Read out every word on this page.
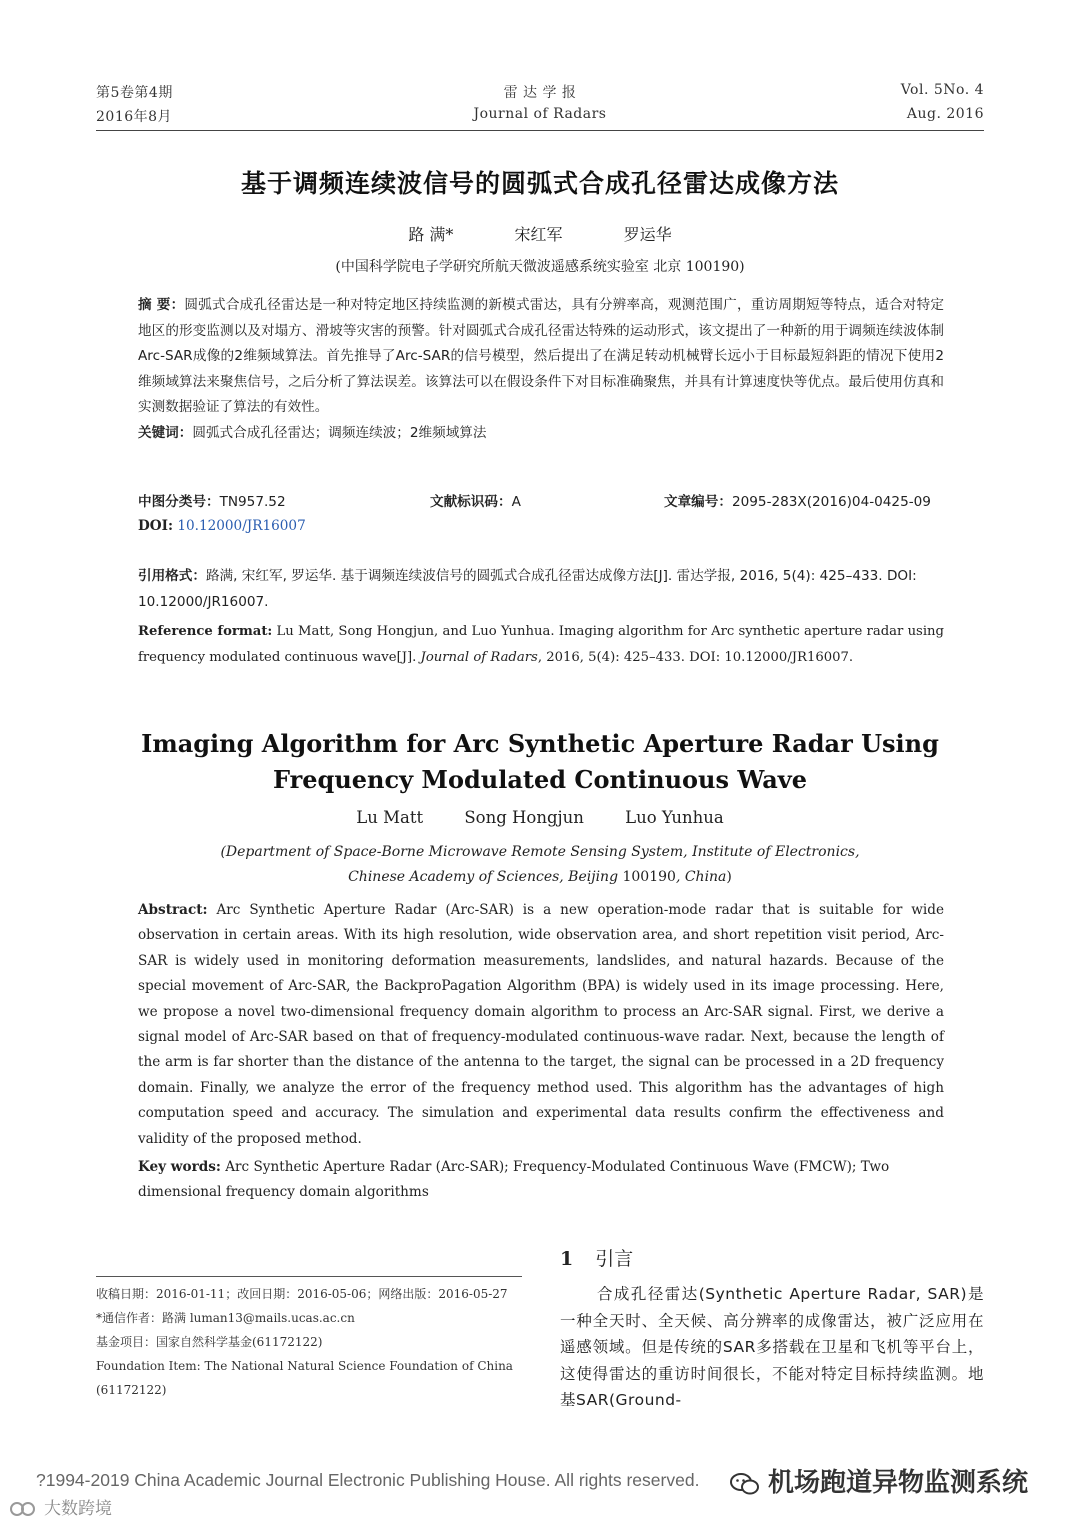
第5卷第4期
2016年8月
雷 达 学 报
Journal of Radars
Vol. 5No. 4
Aug. 2016
基于调频连续波信号的圆弧式合成孔径雷达成像方法
路 满*	宋红军	罗运华
(中国科学院电子学研究所航天微波遥感系统实验室 北京 100190)
摘 要：圆弧式合成孔径雷达是一种对特定地区持续监测的新模式雷达，具有分辨率高，观测范围广，重访周期短等特点，适合对特定地区的形变监测以及对塌方、滑坡等灾害的预警。针对圆弧式合成孔径雷达特殊的运动形式，该文提出了一种新的用于调频连续波体制Arc-SAR成像的2维频域算法。首先推导了Arc-SAR的信号模型，然后提出了在满足转动机械臂长远小于目标最短斜距的情况下使用2维频域算法来聚焦信号，之后分析了算法误差。该算法可以在假设条件下对目标准确聚焦，并具有计算速度快等优点。最后使用仿真和实测数据验证了算法的有效性。
关键词：圆弧式合成孔径雷达；调频连续波；2维频域算法
中图分类号：TN957.52	文献标识码：A	文章编号：2095-283X(2016)04-0425-09
DOI: 10.12000/JR16007
引用格式：路满, 宋红军, 罗运华. 基于调频连续波信号的圆弧式合成孔径雷达成像方法[J]. 雷达学报, 2016, 5(4): 425–433. DOI: 10.12000/JR16007.
Reference format: Lu Matt, Song Hongjun, and Luo Yunhua. Imaging algorithm for Arc synthetic aperture radar using frequency modulated continuous wave[J]. Journal of Radars, 2016, 5(4): 425–433. DOI: 10.12000/JR16007.
Imaging Algorithm for Arc Synthetic Aperture Radar Using
Frequency Modulated Continuous Wave
Lu Matt	Song Hongjun	Luo Yunhua
(Department of Space-Borne Microwave Remote Sensing System, Institute of Electronics,
Chinese Academy of Sciences, Beijing 100190, China)
Abstract: Arc Synthetic Aperture Radar (Arc-SAR) is a new operation-mode radar that is suitable for wide observation in certain areas. With its high resolution, wide observation area, and short repetition visit period, Arc-SAR is widely used in monitoring deformation measurements, landslides, and natural hazards. Because of the special movement of Arc-SAR, the BackproPagation Algorithm (BPA) is widely used in its image processing. Here, we propose a novel two-dimensional frequency domain algorithm to process an Arc-SAR signal. First, we derive a signal model of Arc-SAR based on that of frequency-modulated continuous-wave radar. Next, because the length of the arm is far shorter than the distance of the antenna to the target, the signal can be processed in a 2D frequency domain. Finally, we analyze the error of the frequency method used. This algorithm has the advantages of high computation speed and accuracy. The simulation and experimental data results confirm the effectiveness and validity of the proposed method.
Key words: Arc Synthetic Aperture Radar (Arc-SAR); Frequency-Modulated Continuous Wave (FMCW); Two dimensional frequency domain algorithms
收稿日期：2016-01-11；改回日期：2016-05-06；网络出版：2016-05-27
*通信作者：路满 luman13@mails.ucas.ac.cn
基金项目：国家自然科学基金(61172122)
Foundation Item: The National Natural Science Foundation of China (61172122)
1 引言
合成孔径雷达(Synthetic Aperture Radar, SAR)是一种全天时、全天候、高分辨率的成像雷达，被广泛应用在遥感领域。但是传统的SAR多搭载在卫星和飞机等平台上，这使得雷达的重访时间很长，不能对特定目标持续监测。地基SAR(Ground-
?1994-2019 China Academic Journal Electronic Publishing House. All rights reserved.	机场跑道异物监测系统
大数跨境
